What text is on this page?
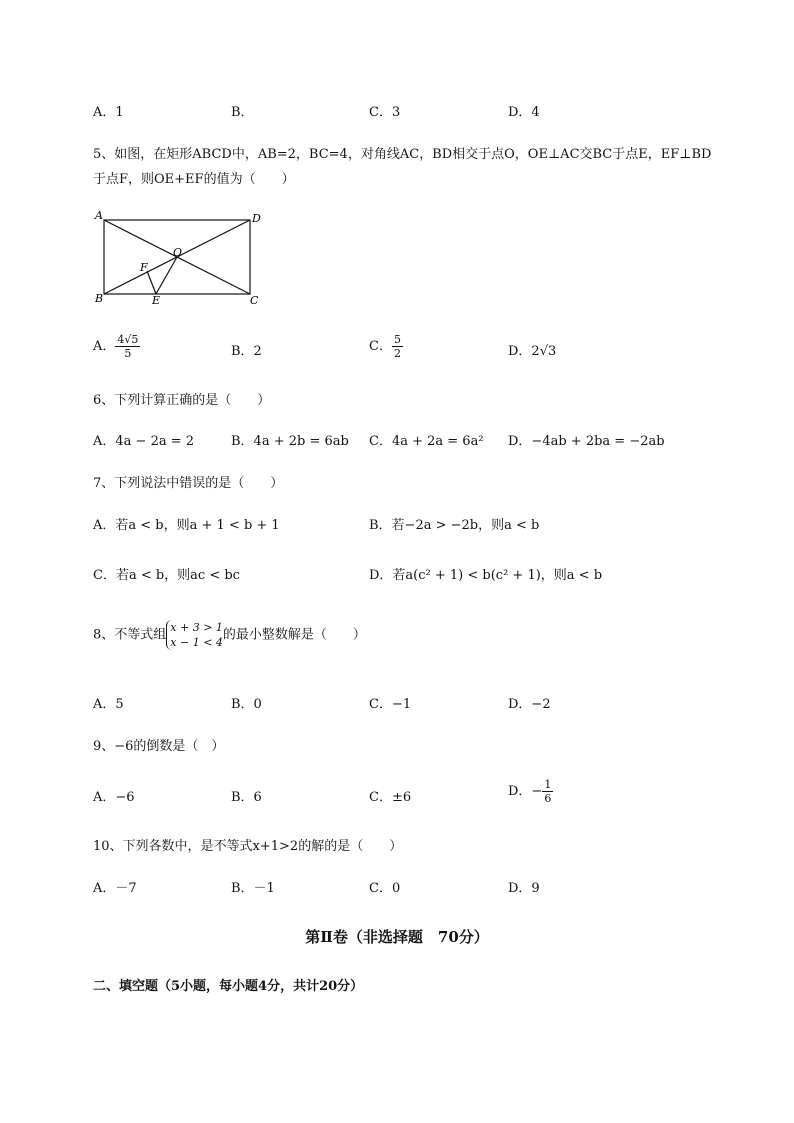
A．1	B．	C．3	D．4
5、如图，在矩形ABCD中，AB=2，BC=4，对角线AC，BD相交于点O，OE⊥AC交BC于点E，EF⊥BD
于点F，则OE+EF的值为（　　）
A	D
B	C
O
F
E
A． $\frac{4√5}{5}$	B．2	C． $\frac{5}{2}$	D．2√3
6、下列计算正确的是（　　）
A．4a − 2a = 2	B．4a + 2b = 6ab C．4a + 2a = 6a² D．−4ab + 2ba = −2ab
7、下列说法中错误的是（　　）
A．若a < b，则a + 1 < b + 1	B．若−2a > −2b，则a < b
C．若a < b，则ac < bc	D．若a(c² + 1) < b(c² + 1)，则a < b
8、不等式组 x + 3 > 1
x − 1 < 4 的最小整数解是（　　）
A．5	B．0	C．−1	D．−2
9、−6的倒数是（　）
A．−6	B．6	C．±6	D．− $\frac{1}{6}$
10、下列各数中，是不等式x+1>2的解的是（　　）
A．－7	B．－1	C．0	D．9
第Ⅱ卷（非选择题　70分）
二、填空题（5小题，每小题4分，共计20分）
